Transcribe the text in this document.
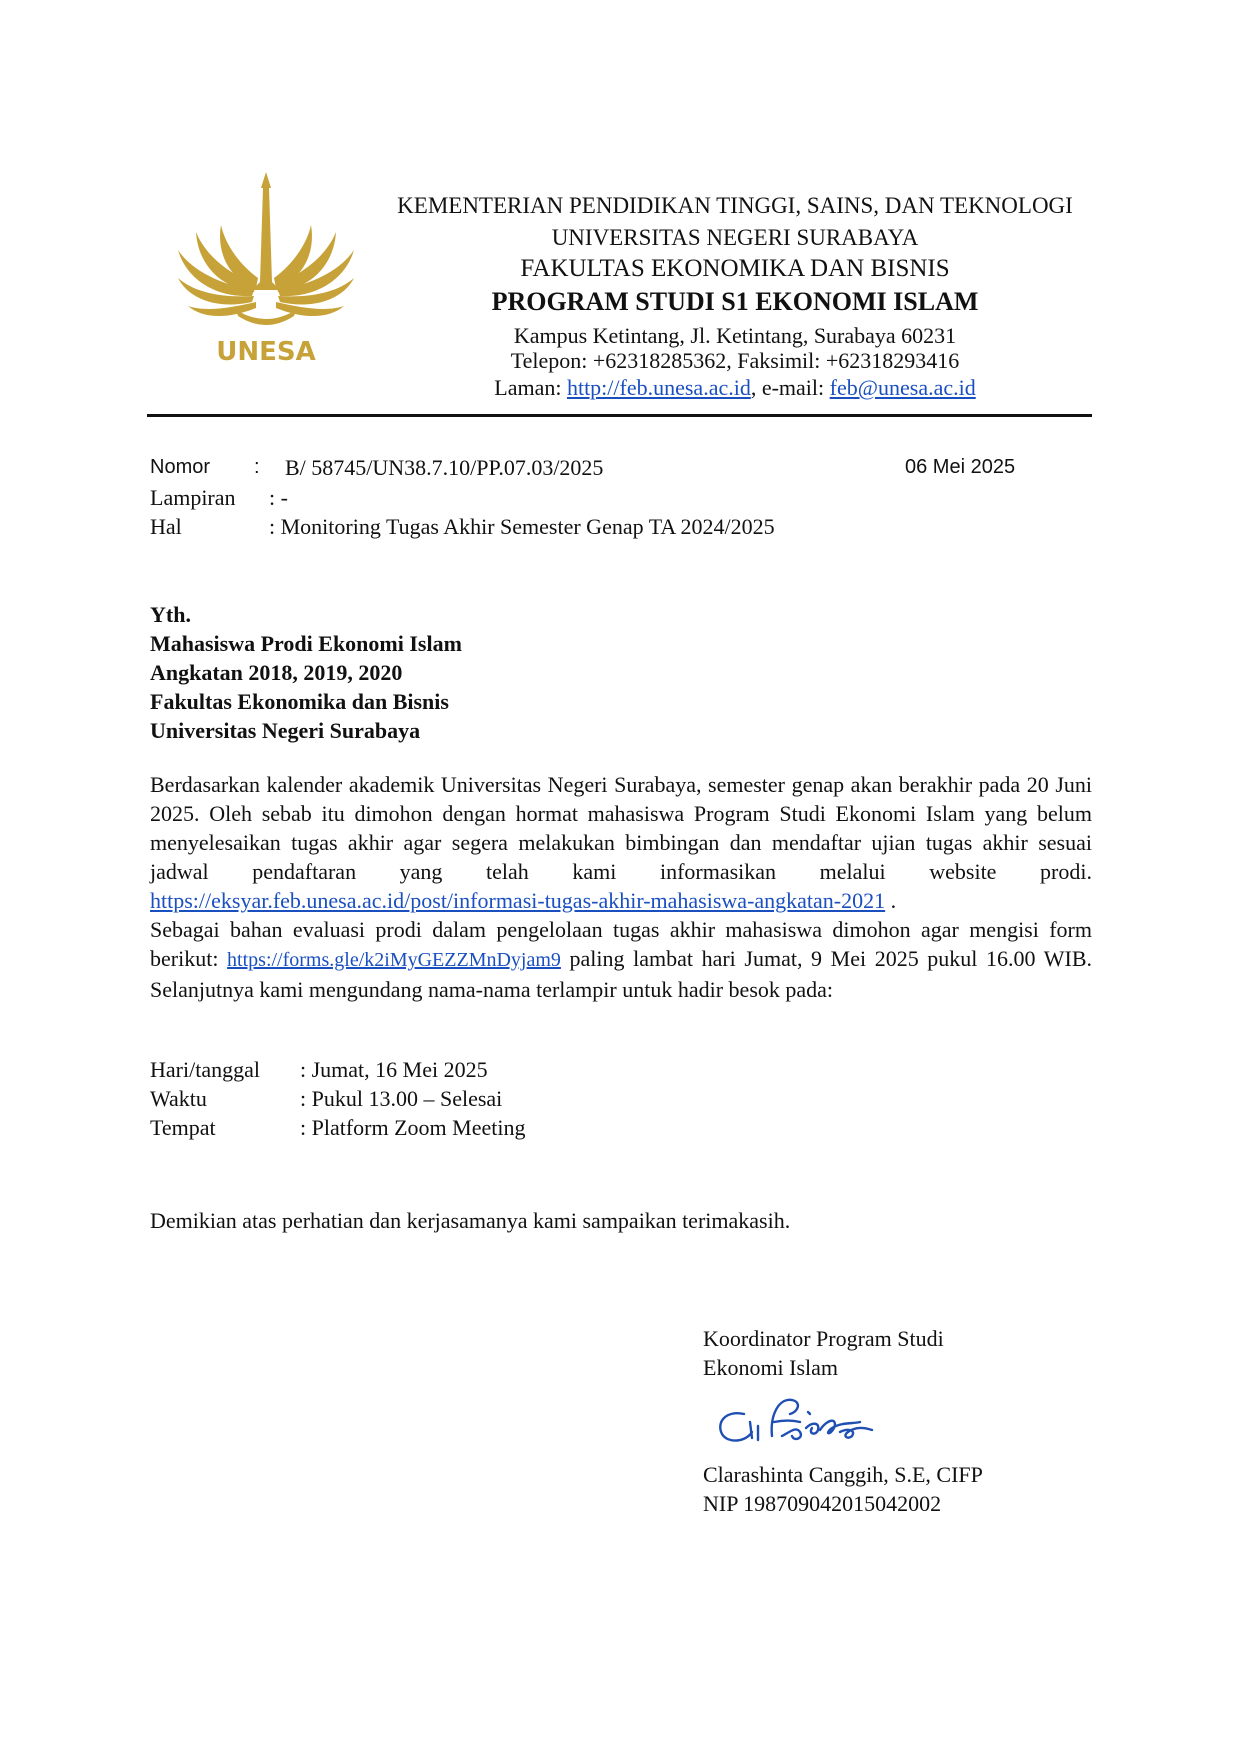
UNESA
KEMENTERIAN PENDIDIKAN TINGGI, SAINS, DAN TEKNOLOGI
UNIVERSITAS NEGERI SURABAYA
FAKULTAS EKONOMIKA DAN BISNIS
PROGRAM STUDI S1 EKONOMI ISLAM
Kampus Ketintang, Jl. Ketintang, Surabaya 60231
Telepon: +62318285362, Faksimil: +62318293416
Laman: http://feb.unesa.ac.id, e-mail: feb@unesa.ac.id
Nomor : B/ 58745/UN38.7.10/PP.07.03/2025	06 Mei 2025
Lampiran : -
Hal	: Monitoring Tugas Akhir Semester Genap TA 2024/2025
Yth.
Mahasiswa Prodi Ekonomi Islam
Angkatan 2018, 2019, 2020
Fakultas Ekonomika dan Bisnis
Universitas Negeri Surabaya
Berdasarkan kalender akademik Universitas Negeri Surabaya, semester genap akan berakhir pada 20 Juni 2025. Oleh sebab itu dimohon dengan hormat mahasiswa Program Studi Ekonomi Islam yang belum menyelesaikan tugas akhir agar segera melakukan bimbingan dan mendaftar ujian tugas akhir sesuai jadwal pendaftaran yang telah kami informasikan melalui website prodi. https://eksyar.feb.unesa.ac.id/post/informasi-tugas-akhir-mahasiswa-angkatan-2021 .
Sebagai bahan evaluasi prodi dalam pengelolaan tugas akhir mahasiswa dimohon agar mengisi form berikut: https://forms.gle/k2iMyGEZZMnDyjam9 paling lambat hari Jumat, 9 Mei 2025 pukul 16.00 WIB. Selanjutnya kami mengundang nama-nama terlampir untuk hadir besok pada:
Hari/tanggal : Jumat, 16 Mei 2025
Waktu	: Pukul 13.00 – Selesai
Tempat	: Platform Zoom Meeting
Demikian atas perhatian dan kerjasamanya kami sampaikan terimakasih.
Koordinator Program Studi
Ekonomi Islam
Clarashinta Canggih, S.E, CIFP
NIP 198709042015042002
